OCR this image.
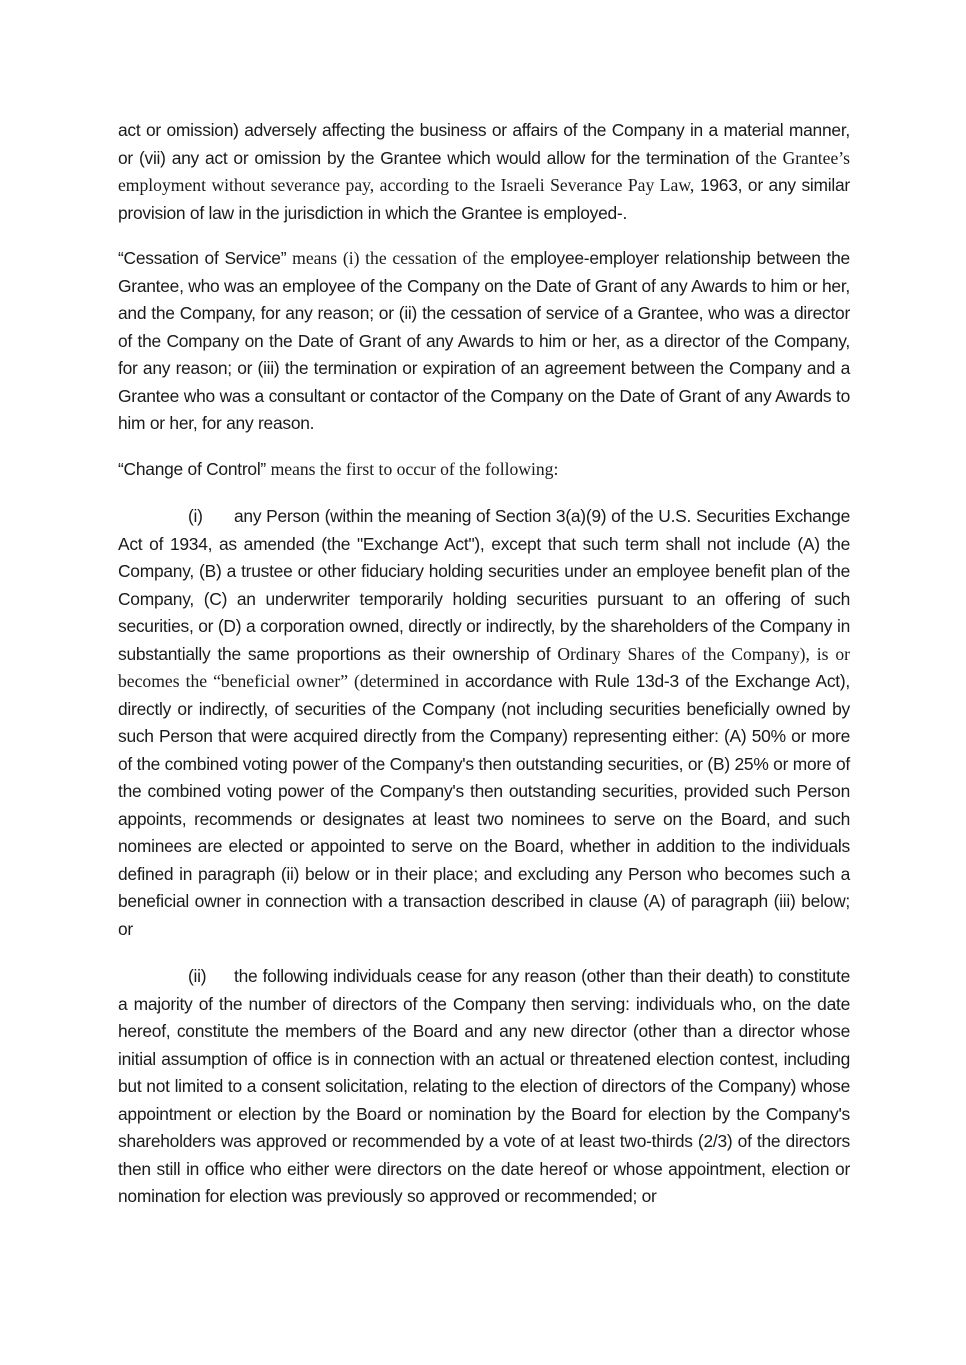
act or omission) adversely affecting the business or affairs of the Company in a material manner, or (vii) any act or omission by the Grantee which would allow for the termination of the Grantee’s employment without severance pay, according to the Israeli Severance Pay Law, 1963, or any similar provision of law in the jurisdiction in which the Grantee is employed-.

“Cessation of Service” means (i) the cessation of the employee-employer relationship between the Grantee, who was an employee of the Company on the Date of Grant of any Awards to him or her, and the Company, for any reason; or (ii) the cessation of service of a Grantee, who was a director of the Company on the Date of Grant of any Awards to him or her, as a director of the Company, for any reason; or (iii) the termination or expiration of an agreement between the Company and a Grantee who was a consultant or contactor of the Company on the Date of Grant of any Awards to him or her, for any reason.

“Change of Control” means the first to occur of the following:

(i) any Person (within the meaning of Section 3(a)(9) of the U.S. Securities Exchange Act of 1934, as amended (the "Exchange Act"), except that such term shall not include (A) the Company, (B) a trustee or other fiduciary holding securities under an employee benefit plan of the Company, (C) an underwriter temporarily holding securities pursuant to an offering of such securities, or (D) a corporation owned, directly or indirectly, by the shareholders of the Company in substantially the same proportions as their ownership of Ordinary Shares of the Company), is or becomes the “beneficial owner” (determined in accordance with Rule 13d-3 of the Exchange Act), directly or indirectly, of securities of the Company (not including securities beneficially owned by such Person that were acquired directly from the Company) representing either: (A) 50% or more of the combined voting power of the Company's then outstanding securities, or (B) 25% or more of the combined voting power of the Company's then outstanding securities, provided such Person appoints, recommends or designates at least two nominees to serve on the Board, and such nominees are elected or appointed to serve on the Board, whether in addition to the individuals defined in paragraph (ii) below or in their place; and excluding any Person who becomes such a beneficial owner in connection with a transaction described in clause (A) of paragraph (iii) below; or

(ii) the following individuals cease for any reason (other than their death) to constitute a majority of the number of directors of the Company then serving: individuals who, on the date hereof, constitute the members of the Board and any new director (other than a director whose initial assumption of office is in connection with an actual or threatened election contest, including but not limited to a consent solicitation, relating to the election of directors of the Company) whose appointment or election by the Board or nomination by the Board for election by the Company's shareholders was approved or recommended by a vote of at least two-thirds (2/3) of the directors then still in office who either were directors on the date hereof or whose appointment, election or nomination for election was previously so approved or recommended; or
